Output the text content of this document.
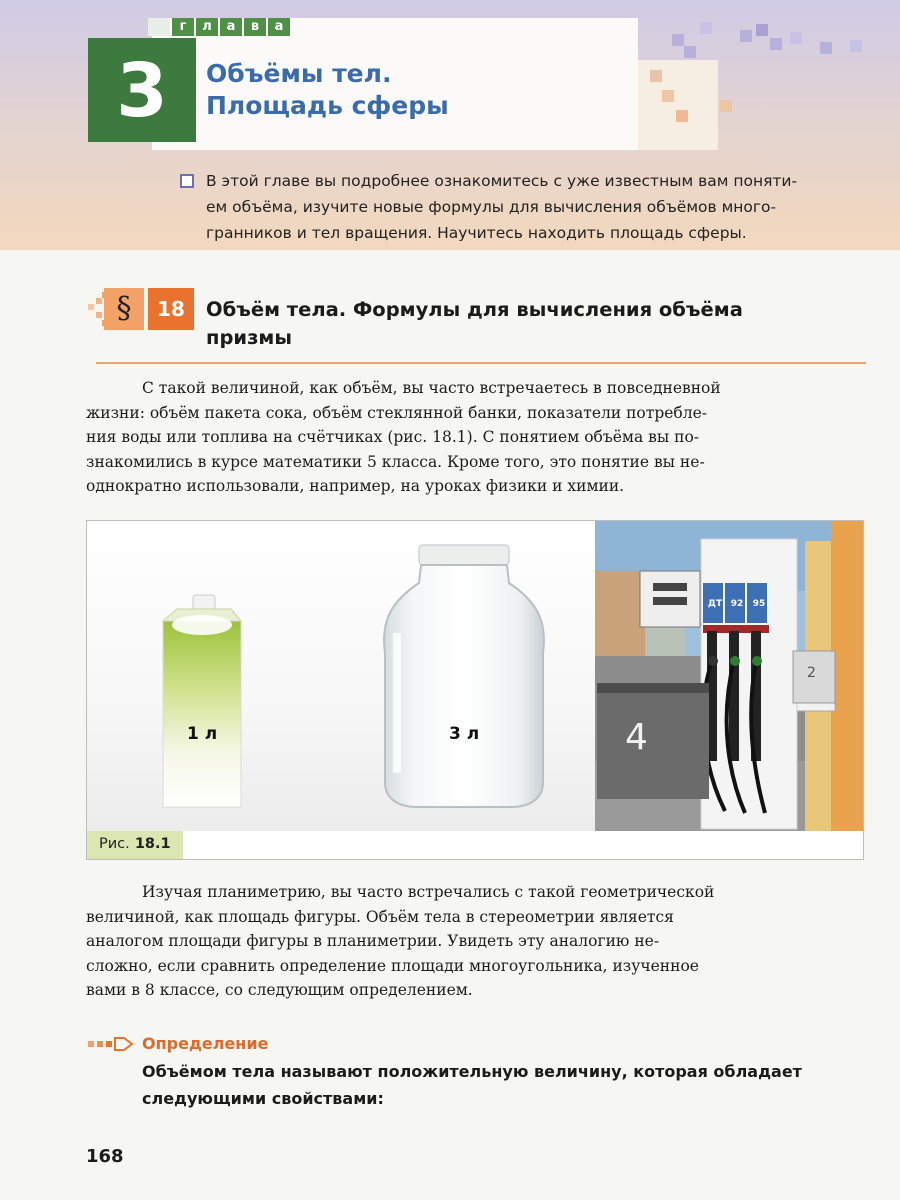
г	л	а	в	а
3	Объёмы тел.
Площадь сферы
В этой главе вы подробнее ознакомитесь с уже известным вам поняти-
ем объёма, изучите новые формулы для вычисления объёмов много-
гранников и тел вращения. Научитесь находить площадь сферы.
§	18	Объём тела. Формулы для вычисления объёма
призмы
С такой величиной, как объём, вы часто встречаетесь в повседневной
жизни: объём пакета сока, объём стеклянной банки, показатели потребле-
ния воды или топлива на счётчиках (рис. 18.1). С понятием объёма вы по-
знакомились в курсе математики 5 класса. Кроме того, это понятие вы не-
однократно использовали, например, на уроках физики и химии.
1 л	3 л
ДТ 92	95
4
2
Рис. 18.1
Изучая планиметрию, вы часто встречались с такой геометрической
величиной, как площадь фигуры. Объём тела в стереометрии является
аналогом площади фигуры в планиметрии. Увидеть эту аналогию не-
сложно, если сравнить определение площади многоугольника, изученное
вами в 8 классе, со следующим определением.
Определение
Объёмом тела называют положительную величину, которая обладает
следующими свойствами:
168
